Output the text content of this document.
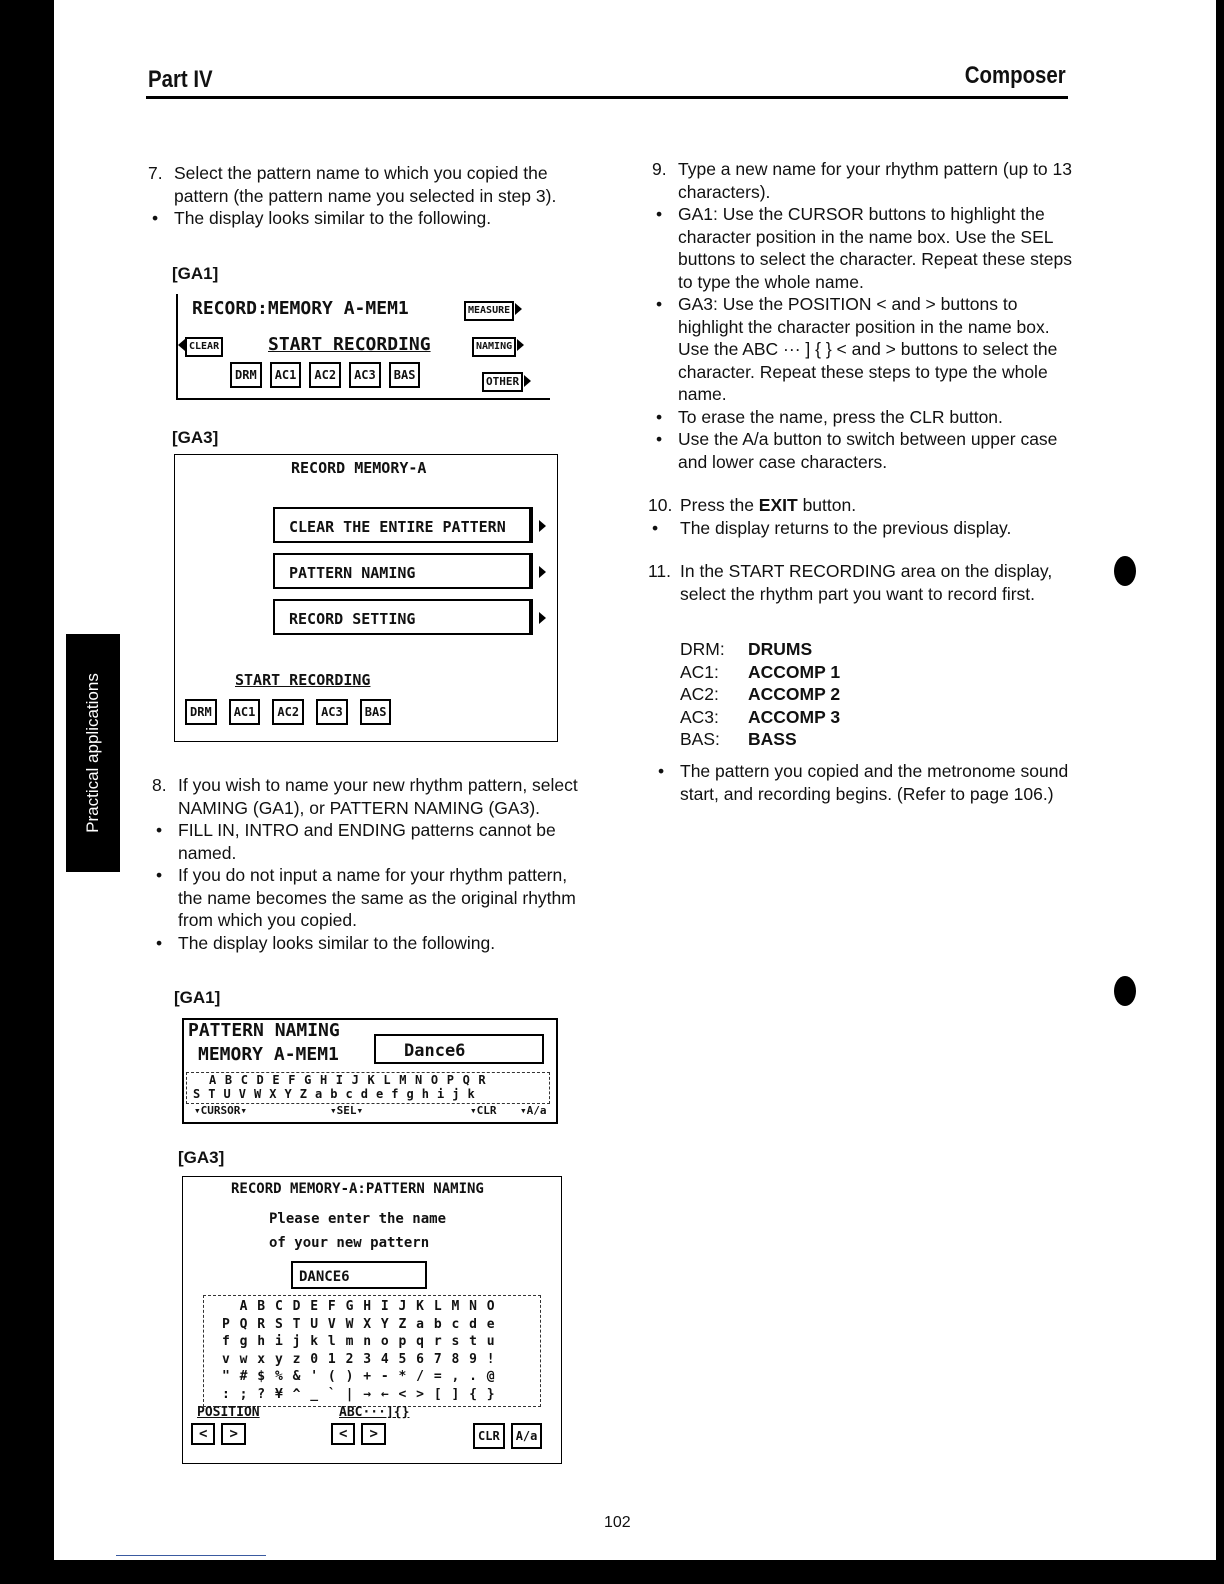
Part IV	Composer
Practical applications

7. Select the pattern name to which you copied the pattern (the pattern name you selected in step 3).

• The display looks similar to the following.

[GA1]
RECORD:MEMORY A-MEM1	MEASURE
CLEAR	START RECORDING	NAMING
DRM AC1 AC2 AC3 BAS	OTHER
[GA3]
RECORD MEMORY-A
CLEAR THE ENTIRE PATTERN
PATTERN NAMING
RECORD SETTING
START RECORDING
DRM AC1 AC2 AC3 BAS

8. If you wish to name your new rhythm pattern, select NAMING (GA1), or PATTERN NAMING (GA3).

• FILL IN, INTRO and ENDING patterns cannot be named.

• If you do not input a name for your rhythm pattern, the name becomes the same as the original rhythm from which you copied.

• The display looks similar to the following.

[GA1]
PATTERN NAMING
MEMORY A-MEM1	Dance6
A B C D E F G H I J K L M N O P Q R
S T U V W X Y Z a b c d e f g h i j k
▾CURSOR▾	▾SEL▾	▾CLR ▾A/a
[GA3]
RECORD MEMORY-A:PATTERN NAMING
Please enter the name
of your new pattern
DANCE6
A B C D E F G H I J K L M N O
P Q R S T U V W X Y Z a b c d e
f g h i j k l m n o p q r s t u
v w x y z 0 1 2 3 4 5 6 7 8 9 !
" # $ % & ' ( ) + - * / = , . @
: ; ? ¥ ^ _ ` | → ← < > [ ] { }
POSITION	ABC···]{}
< >	< >	CLR A/a

9. Type a new name for your rhythm pattern (up to 13 characters).

• GA1: Use the CURSOR buttons to highlight the character position in the name box. Use the SEL buttons to select the character. Repeat these steps to type the whole name.

• GA3: Use the POSITION < and > buttons to highlight the character position in the name box. Use the ABC ··· ] { } < and > buttons to select the character. Repeat these steps to type the whole name.

• To erase the name, press the CLR button.

• Use the A/a button to switch between upper case and lower case characters.

10. Press the EXIT button.

• The display returns to the previous display.

11. In the START RECORDING area on the display, select the rhythm part you want to record first.

DRM: DRUMS
AC1: ACCOMP 1
AC2: ACCOMP 2
AC3: ACCOMP 3
BAS: BASS

• The pattern you copied and the metronome sound start, and recording begins. (Refer to page 106.)

102
